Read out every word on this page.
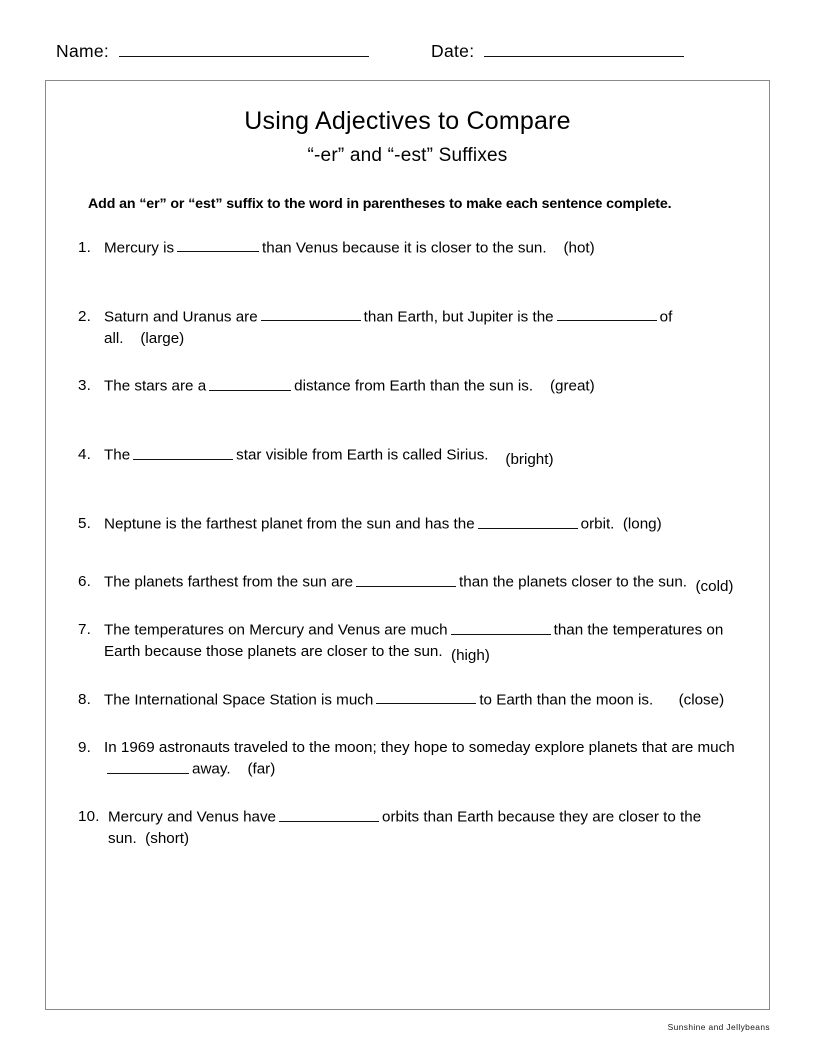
Name:	Date:
Using Adjectives to Compare
“-er” and “-est” Suffixes
Add an “er” or “est” suffix to the word in parentheses to make each sentence complete.
1. Mercury is	than Venus because it is closer to the sun. (hot)
2. Saturn and Uranus are	than Earth, but Jupiter is the	of all. (large)
3. The stars are a	distance from Earth than the sun is. (great)
4. The	star visible from Earth is called Sirius. (bright)
5. Neptune is the farthest planet from the sun and has the	orbit. (long)
6. The planets farthest from the sun are	than the planets closer to the sun. (cold)
7. The temperatures on Mercury and Venus are much	than the temperatures on Earth because those planets are closer to the sun. (high)
8. The International Space Station is much	to Earth than the moon is. (close)
9. In 1969 astronauts traveled to the moon; they hope to someday explore planets that are muchaway. (far)
10. Mercury and Venus have	orbits than Earth because they are closer to the sun. (short)
Sunshine and Jellybeans
